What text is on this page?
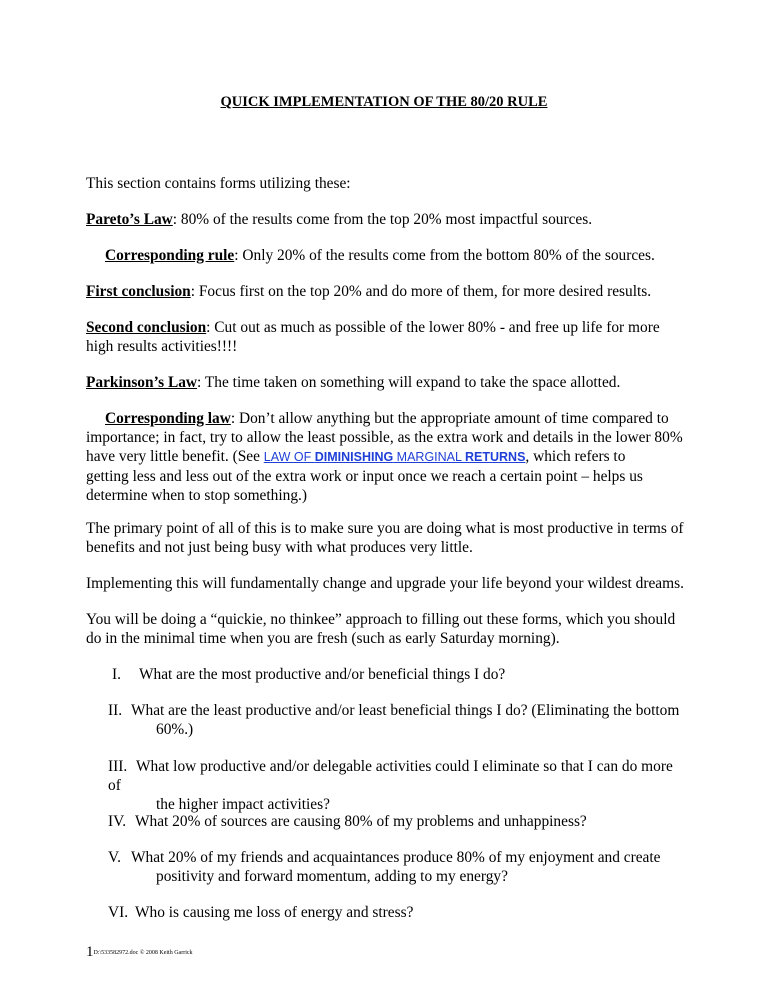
QUICK IMPLEMENTATION OF THE 80/20 RULE

This section contains forms utilizing these:

Pareto’s Law: 80% of the results come from the top 20% most impactful sources.

Corresponding rule: Only 20% of the results come from the bottom 80% of the sources.

First conclusion: Focus first on the top 20% and do more of them, for more desired results.

Second conclusion: Cut out as much as possible of the lower 80% - and free up life for more
high results activities!!!!

Parkinson’s Law: The time taken on something will expand to take the space allotted.

Corresponding law: Don’t allow anything but the appropriate amount of time compared to
importance; in fact, try to allow the least possible, as the extra work and details in the lower 80%
have very little benefit. (See LAW OF DIMINISHING MARGINAL RETURNS, which refers to
getting less and less out of the extra work or input once we reach a certain point – helps us
determine when to stop something.)
The primary point of all of this is to make sure you are doing what is most productive in terms of
benefits and not just being busy with what produces very little.

Implementing this will fundamentally change and upgrade your life beyond your wildest dreams.

You will be doing a “quickie, no thinkee” approach to filling out these forms, which you should
do in the minimal time when you are fresh (such as early Saturday morning).
I. What are the most productive and/or beneficial things I do?
II. What are the least productive and/or least beneficial things I do? (Eliminating the bottom
60%.)
III. What low productive and/or delegable activities could I eliminate so that I can do more of
the higher impact activities?
IV. What 20% of sources are causing 80% of my problems and unhappiness?
V. What 20% of my friends and acquaintances produce 80% of my enjoyment and create
positivity and forward momentum, adding to my energy?
VI. Who is causing me loss of energy and stress?
1D:\533582972.doc © 2008 Keith Garrick
